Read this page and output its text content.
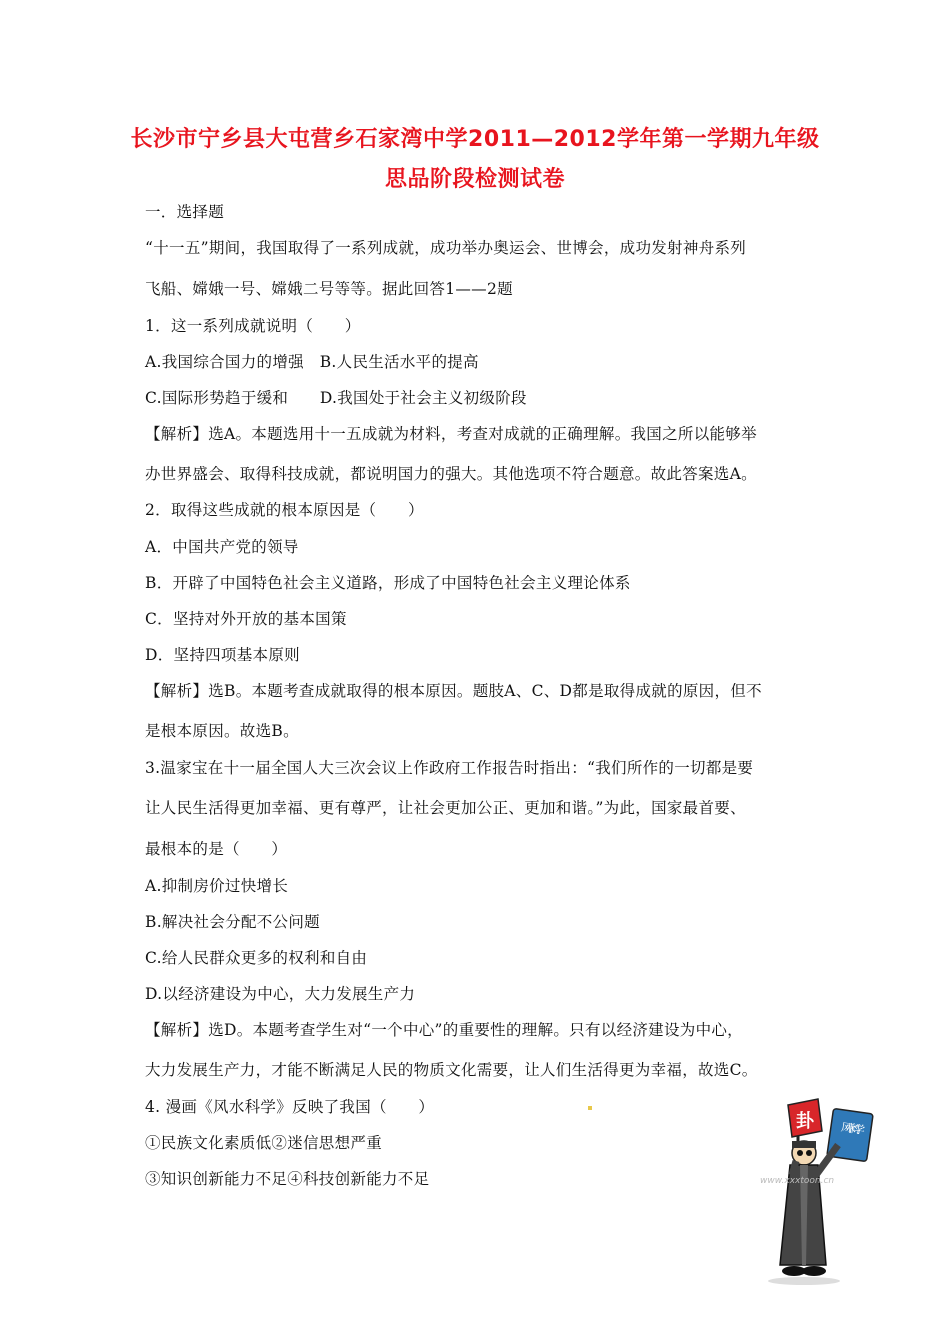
长沙市宁乡县大屯营乡石家湾中学2011—2012学年第一学期九年级
思品阶段检测试卷
一．选择题
“十一五”期间，我国取得了一系列成就，成功举办奥运会、世博会，成功发射神舟系列
飞船、嫦娥一号、嫦娥二号等等。据此回答1——2题
1．这一系列成就说明（　　）
A.我国综合国力的增强　B.人民生活水平的提高
C.国际形势趋于缓和　　D.我国处于社会主义初级阶段
【解析】选A。本题选用十一五成就为材料，考查对成就的正确理解。我国之所以能够举
办世界盛会、取得科技成就，都说明国力的强大。其他选项不符合题意。故此答案选A。
2．取得这些成就的根本原因是（　　）
A．中国共产党的领导
B．开辟了中国特色社会主义道路，形成了中国特色社会主义理论体系
C．坚持对外开放的基本国策
D．坚持四项基本原则
【解析】选B。本题考查成就取得的根本原因。题肢A、C、D都是取得成就的原因，但不
是根本原因。故选B。
3.温家宝在十一届全国人大三次会议上作政府工作报告时指出：“我们所作的一切都是要
让人民生活得更加幸福、更有尊严，让社会更加公正、更加和谐。”为此，国家最首要、
最根本的是（　　）
A.抑制房价过快增长
B.解决社会分配不公问题
C.给人民群众更多的权利和自由
D.以经济建设为中心，大力发展生产力
【解析】选D。本题考查学生对“一个中心”的重要性的理解。只有以经济建设为中心，
大力发展生产力，才能不断满足人民的物质文化需要，让人们生活得更为幸福，故选C。
4. 漫画《风水科学》反映了我国（　　）
①民族文化素质低②迷信思想严重
③知识创新能力不足④科技创新能力不足
卦 风水科学
www.xxxtoon.cn
